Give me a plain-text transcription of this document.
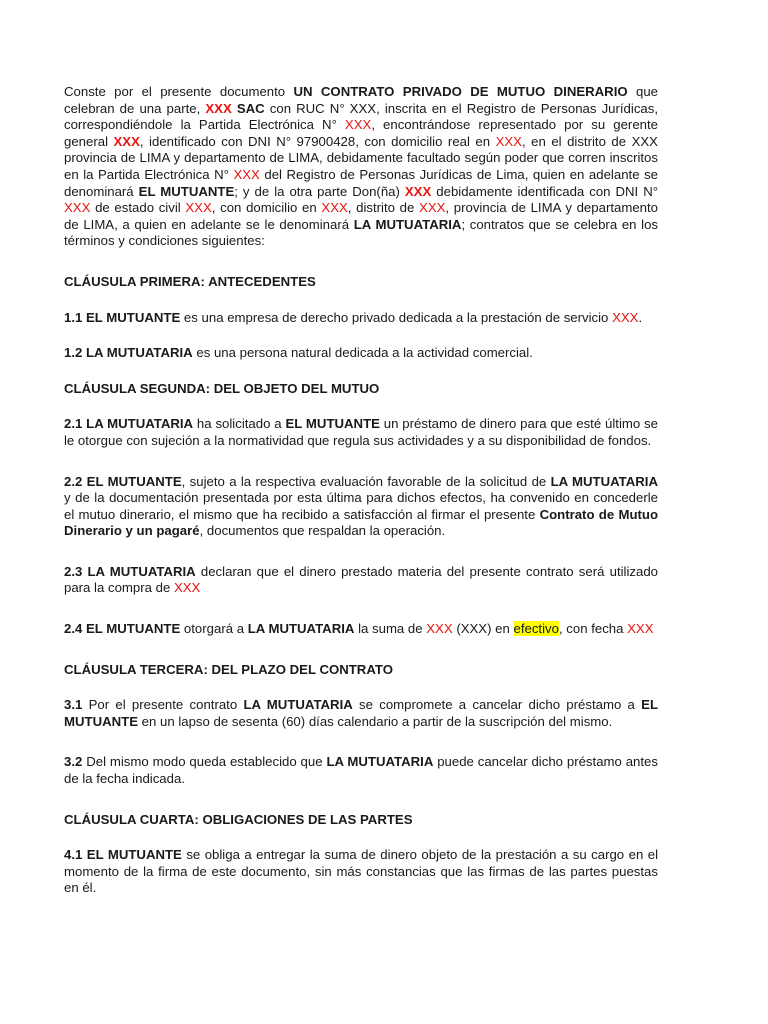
Conste por el presente documento UN CONTRATO PRIVADO DE MUTUO DINERARIO que celebran de una parte, XXX SAC con RUC N° XXX, inscrita en el Registro de Personas Jurídicas, correspondiéndole la Partida Electrónica N° XXX, encontrándose representado por su gerente general XXX, identificado con DNI N° 97900428, con domicilio real en XXX, en el distrito de XXX provincia de LIMA y departamento de LIMA, debidamente facultado según poder que corren inscritos en la Partida Electrónica N° XXX del Registro de Personas Jurídicas de Lima, quien en adelante se denominará EL MUTUANTE; y de la otra parte Don(ña) XXX debidamente identificada con DNI N° XXX de estado civil XXX, con domicilio en XXX, distrito de XXX, provincia de LIMA y departamento de LIMA, a quien en adelante se le denominará LA MUTUATARIA; contratos que se celebra en los términos y condiciones siguientes:

CLÁUSULA PRIMERA: ANTECEDENTES

1.1 EL MUTUANTE es una empresa de derecho privado dedicada a la prestación de servicio XXX.

1.2 LA MUTUATARIA es una persona natural dedicada a la actividad comercial.

CLÁUSULA SEGUNDA: DEL OBJETO DEL MUTUO

2.1 LA MUTUATARIA ha solicitado a EL MUTUANTE un préstamo de dinero para que esté último se le otorgue con sujeción a la normatividad que regula sus actividades y a su disponibilidad de fondos.

2.2 EL MUTUANTE, sujeto a la respectiva evaluación favorable de la solicitud de LA MUTUATARIA y de la documentación presentada por esta última para dichos efectos, ha convenido en concederle el mutuo dinerario, el mismo que ha recibido a satisfacción al firmar el presente Contrato de Mutuo Dinerario y un pagaré, documentos que respaldan la operación.

2.3 LA MUTUATARIA declaran que el dinero prestado materia del presente contrato será utilizado para la compra de XXX

2.4 EL MUTUANTE otorgará a LA MUTUATARIA la suma de XXX (XXX) en efectivo, con fecha XXX

CLÁUSULA TERCERA: DEL PLAZO DEL CONTRATO

3.1 Por el presente contrato LA MUTUATARIA se compromete a cancelar dicho préstamo a EL MUTUANTE en un lapso de sesenta (60) días calendario a partir de la suscripción del mismo.

3.2 Del mismo modo queda establecido que LA MUTUATARIA puede cancelar dicho préstamo antes de la fecha indicada.

CLÁUSULA CUARTA: OBLIGACIONES DE LAS PARTES

4.1 EL MUTUANTE se obliga a entregar la suma de dinero objeto de la prestación a su cargo en el momento de la firma de este documento, sin más constancias que las firmas de las partes puestas en él.
